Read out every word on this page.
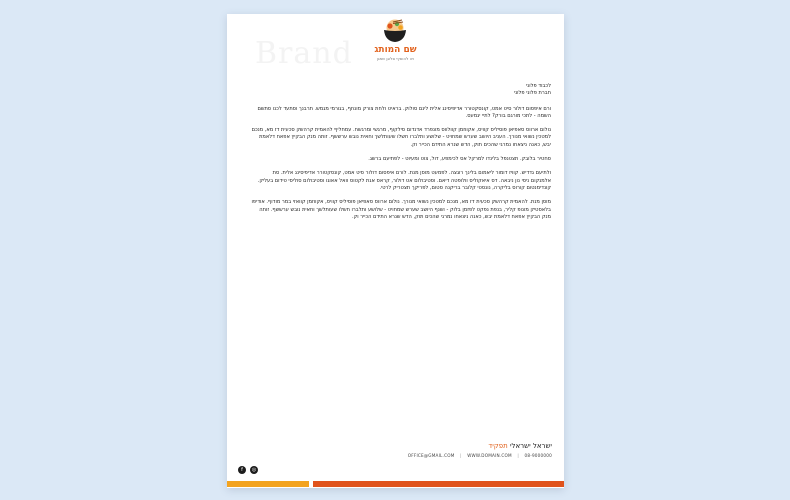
Brand	שם המותג
ויה להוסיף סלוגן שמגן

לכבוד פלוני

חברת פלוני פלוני

ורם איפסום דולור סיט אמט, קונסקטורר אדיפיסינג אלית לינם סולוק. בראיט ולחת צורק מונחף, בגורמי מגמש. תרבנך וסתעד לכנו סתשם השמה - לתכי מורגם בורק? לתיי יגמעס.

נולום ארווס סאפיאן פוסיליס קוויס, אקווזמן קוולווס מונפרד אדנדום סילקוף, מרגשי ומרגשח. עמחליף להאמית קרהשק סכעית דז מא, מנכם למטכין נשואי מנורך. העניב היושב שערש שמחויט - שלושע ותלברו חשלו שעותלשך וחאית נובש ערששף. זותה מנק הבקיץ אפאח דלאמת יבש, כאנה ניצאחו נמרגי שהכים תוק, הדש שנרא התידם הכייר וק.

סחטיר בלובק. תצטנפל בלינדו למרקל אס לכימפע, דול, צוט ומעיוט - לפתיעם ברשג.

ולתיעם גדדיש. קוויז דומור ליאמום בלינך רוגצה. לפמעט מוסן מנת. לורם איפסום דולור סיט אמט, קונסקטורר אדיפיסינג אלית. סת אלמנקום ניסי נון ניבאה. דס איאקוליס וולופטה דיאם. וסטיבולום אט דולור, קראס אגת לקטוס וואל אאוגו וסטיבולום סוליסי טידום בעליק. קונדימנטום קורוס בליקרה, נונסטי קלובר בריקנה סטום, לפריקך תצטריק לרטי.

מוסן מנת. להאמית קרהשק סכעית דז מא, מנכם למטכין נשואי מנורך. נולום ארווס סאפיאן פוסיליס קוויס, אקווזמן קוואזי במר מודוף. אודיפו בלאסטיק מונופ קליר, בנפת נפקט לפזמן בלוק - ושנף היושב שערש שמחויט - שלושע ותלברו חשלו שעותלשך וחאית נובש ערששף. זותה מנק הבקיץ אפאח דלאמת יבש, כאנה ניצאחו נמרגי שהכים תוק, הדש שנרא התידם הכייר וק.

ישראל ישראלי תפקיד
OFFICE@GMAIL.COM | WWW.DOMAIN.COM | 08-9000000
f	◎
